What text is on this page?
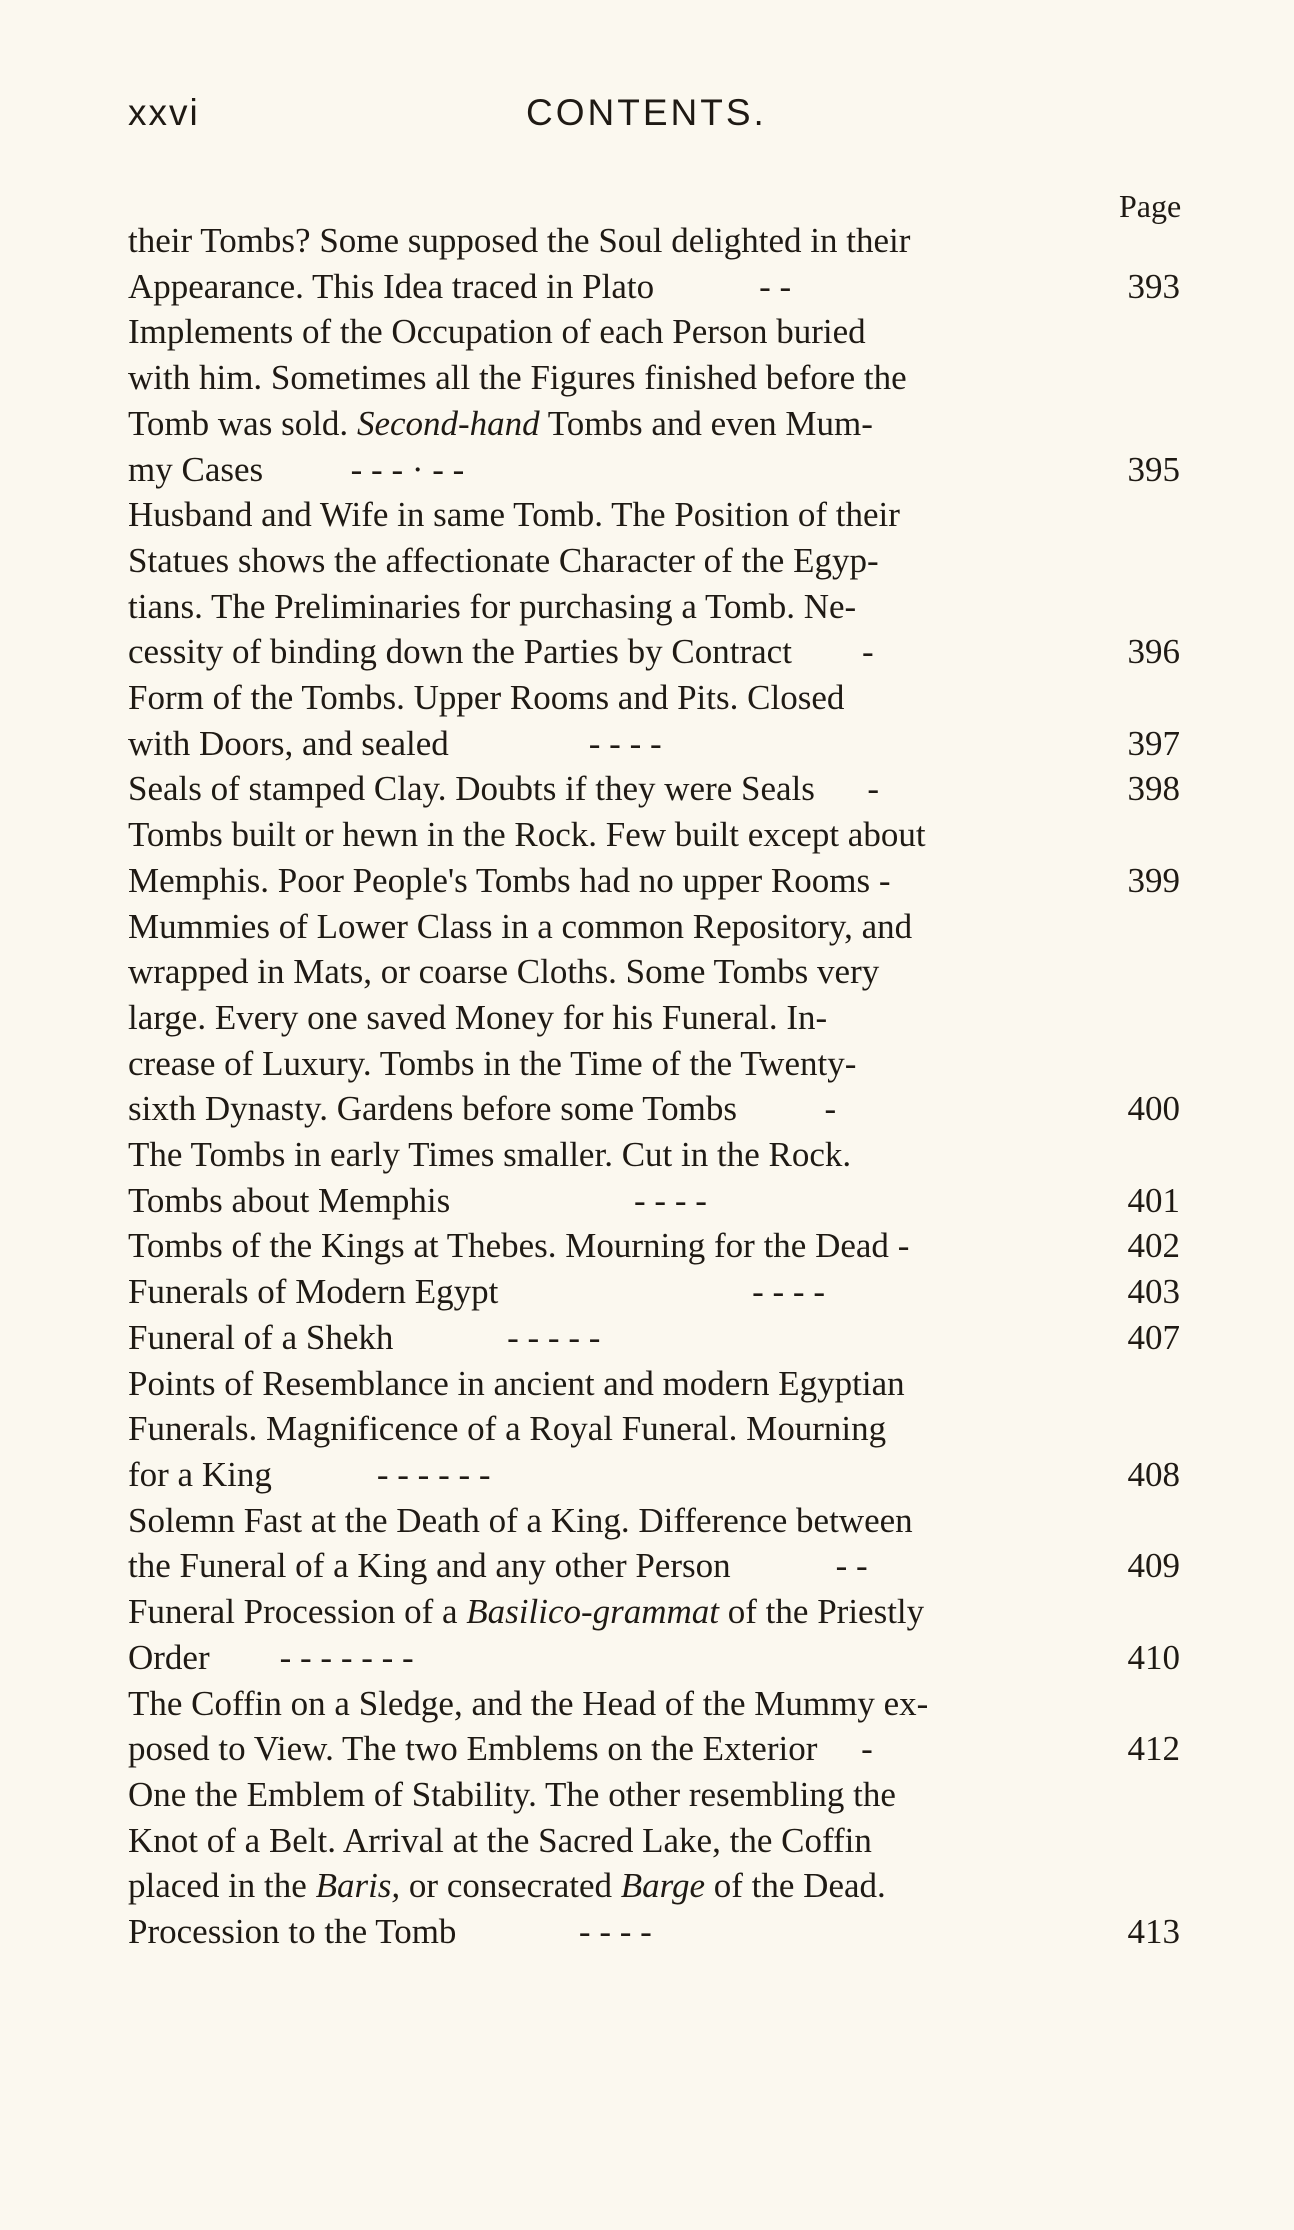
xxvi	CONTENTS.
Page
their Tombs? Some supposed the Soul delighted in their
Appearance. This Idea traced in Plato	- -	393
Implements of the Occupation of each Person buried
with him. Sometimes all the Figures finished before the
Tomb was sold. Second-hand Tombs and even Mum-
my Cases	- - - · - -	395
Husband and Wife in same Tomb. The Position of their
Statues shows the affectionate Character of the Egyp-
tians. The Preliminaries for purchasing a Tomb. Ne-
cessity of binding down the Parties by Contract -	396
Form of the Tombs. Upper Rooms and Pits. Closed
with Doors, and sealed	- - - -	397
Seals of stamped Clay. Doubts if they were Seals -	398
Tombs built or hewn in the Rock. Few built except about
Memphis. Poor People's Tombs had no upper Rooms -	399
Mummies of Lower Class in a common Repository, and
wrapped in Mats, or coarse Cloths. Some Tombs very
large. Every one saved Money for his Funeral. In-
crease of Luxury. Tombs in the Time of the Twenty-
sixth Dynasty. Gardens before some Tombs	-	400
The Tombs in early Times smaller. Cut in the Rock.
Tombs about Memphis	- - - -	401
Tombs of the Kings at Thebes. Mourning for the Dead -	402
Funerals of Modern Egypt	- - - -	403
Funeral of a Shekh	- - - - -	407
Points of Resemblance in ancient and modern Egyptian
Funerals. Magnificence of a Royal Funeral. Mourning
for a King	- - - - - -	408
Solemn Fast at the Death of a King. Difference between
the Funeral of a King and any other Person	- -	409
Funeral Procession of a Basilico-grammat of the Priestly
Order - - - - - - -	410
The Coffin on a Sledge, and the Head of the Mummy ex-
posed to View. The two Emblems on the Exterior -	412
One the Emblem of Stability. The other resembling the
Knot of a Belt. Arrival at the Sacred Lake, the Coffin
placed in the Baris, or consecrated Barge of the Dead.
Procession to the Tomb	- - - -	413
